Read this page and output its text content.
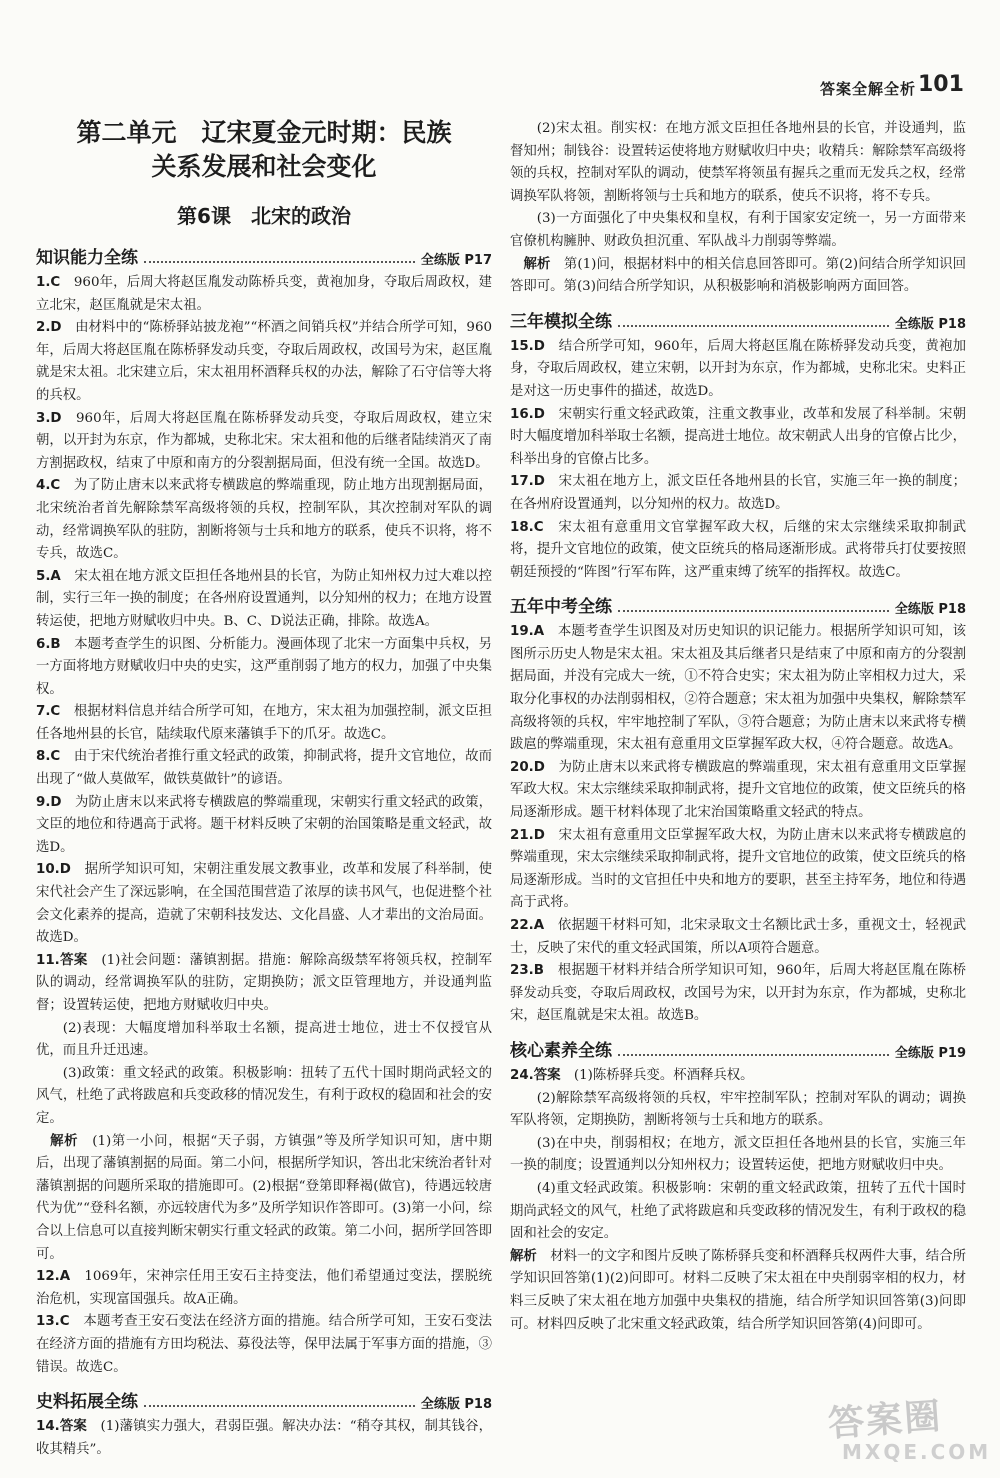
答案全解全析 101
第二单元　辽宋夏金元时期：民族
关系发展和社会变化
第6课　北宋的政治
知识能力全练	全练版 P17

1.C　960年，后周大将赵匡胤发动陈桥兵变，黄袍加身，夺取后周政权，建立北宋，赵匡胤就是宋太祖。

2.D　由材料中的“陈桥驿站披龙袍”“杯酒之间销兵权”并结合所学可知，960年，后周大将赵匡胤在陈桥驿发动兵变，夺取后周政权，改国号为宋，赵匡胤就是宋太祖。北宋建立后，宋太祖用杯酒释兵权的办法，解除了石守信等大将的兵权。

3.D　960年，后周大将赵匡胤在陈桥驿发动兵变，夺取后周政权，建立宋朝，以开封为东京，作为都城，史称北宋。宋太祖和他的后继者陆续消灭了南方割据政权，结束了中原和南方的分裂割据局面，但没有统一全国。故选D。

4.C　为了防止唐末以来武将专横跋扈的弊端重现，防止地方出现割据局面，北宋统治者首先解除禁军高级将领的兵权，控制军队，其次控制对军队的调动，经常调换军队的驻防，割断将领与士兵和地方的联系，使兵不识将，将不专兵，故选C。

5.A　宋太祖在地方派文臣担任各地州县的长官，为防止知州权力过大难以控制，实行三年一换的制度；在各州府设置通判，以分知州的权力；在地方设置转运使，把地方财赋收归中央。B、C、D说法正确，排除。故选A。

6.B　本题考查学生的识图、分析能力。漫画体现了北宋一方面集中兵权，另一方面将地方财赋收归中央的史实，这严重削弱了地方的权力，加强了中央集权。

7.C　根据材料信息并结合所学可知，在地方，宋太祖为加强控制，派文臣担任各地州县的长官，陆续取代原来藩镇手下的爪牙。故选C。

8.C　由于宋代统治者推行重文轻武的政策，抑制武将，提升文官地位，故而出现了“做人莫做军，做铁莫做针”的谚语。

9.D　为防止唐末以来武将专横跋扈的弊端重现，宋朝实行重文轻武的政策，文臣的地位和待遇高于武将。题干材料反映了宋朝的治国策略是重文轻武，故选D。

10.D　据所学知识可知，宋朝注重发展文教事业，改革和发展了科举制，使宋代社会产生了深远影响，在全国范围营造了浓厚的读书风气，也促进整个社会文化素养的提高，造就了宋朝科技发达、文化昌盛、人才辈出的文治局面。故选D。

11.答案　(1)社会问题：藩镇割据。措施：解除高级禁军将领兵权，控制军队的调动，经常调换军队的驻防，定期换防；派文臣管理地方，并设通判监督；设置转运使，把地方财赋收归中央。

(2)表现：大幅度增加科举取士名额，提高进士地位，进士不仅授官从优，而且升迁迅速。

(3)政策：重文轻武的政策。积极影响：扭转了五代十国时期尚武轻文的风气，杜绝了武将跋扈和兵变政移的情况发生，有利于政权的稳固和社会的安定。

　解析　(1)第一小问，根据“天子弱，方镇强”等及所学知识可知，唐中期后，出现了藩镇割据的局面。第二小问，根据所学知识，答出北宋统治者针对藩镇割据的问题所采取的措施即可。(2)根据“登第即释褐(做官)，待遇远较唐代为优”“登科名额，亦远较唐代为多”及所学知识作答即可。(3)第一小问，综合以上信息可以直接判断宋朝实行重文轻武的政策。第二小问，据所学回答即可。

12.A　1069年，宋神宗任用王安石主持变法，他们希望通过变法，摆脱统治危机，实现富国强兵。故A正确。

13.C　本题考查王安石变法在经济方面的措施。结合所学可知，王安石变法在经济方面的措施有方田均税法、募役法等，保甲法属于军事方面的措施，③错误。故选C。

史料拓展全练	全练版 P18

14.答案　(1)藩镇实力强大，君弱臣强。解决办法：“稍夺其权，制其钱谷，收其精兵”。

(2)宋太祖。削实权：在地方派文臣担任各地州县的长官，并设通判，监督知州；制钱谷：设置转运使将地方财赋收归中央；收精兵：解除禁军高级将领的兵权，控制对军队的调动，使禁军将领虽有握兵之重而无发兵之权，经常调换军队将领，割断将领与士兵和地方的联系，使兵不识将，将不专兵。

(3)一方面强化了中央集权和皇权，有利于国家安定统一，另一方面带来官僚机构臃肿、财政负担沉重、军队战斗力削弱等弊端。

　解析　第(1)问，根据材料中的相关信息回答即可。第(2)问结合所学知识回答即可。第(3)问结合所学知识，从积极影响和消极影响两方面回答。

三年模拟全练	全练版 P18

15.D　结合所学可知，960年，后周大将赵匡胤在陈桥驿发动兵变，黄袍加身，夺取后周政权，建立宋朝，以开封为东京，作为都城，史称北宋。史料正是对这一历史事件的描述，故选D。

16.D　宋朝实行重文轻武政策，注重文教事业，改革和发展了科举制。宋朝时大幅度增加科举取士名额，提高进士地位。故宋朝武人出身的官僚占比少，科举出身的官僚占比多。

17.D　宋太祖在地方上，派文臣任各地州县的长官，实施三年一换的制度；在各州府设置通判，以分知州的权力。故选D。

18.C　宋太祖有意重用文官掌握军政大权，后继的宋太宗继续采取抑制武将，提升文官地位的政策，使文臣统兵的格局逐渐形成。武将带兵打仗要按照朝廷预授的“阵图”行军布阵，这严重束缚了统军的指挥权。故选C。

五年中考全练	全练版 P18

19.A　本题考查学生识图及对历史知识的识记能力。根据所学知识可知，该图所示历史人物是宋太祖。宋太祖及其后继者只是结束了中原和南方的分裂割据局面，并没有完成大一统，①不符合史实；宋太祖为防止宰相权力过大，采取分化事权的办法削弱相权，②符合题意；宋太祖为加强中央集权，解除禁军高级将领的兵权，牢牢地控制了军队，③符合题意；为防止唐末以来武将专横跋扈的弊端重现，宋太祖有意重用文臣掌握军政大权，④符合题意。故选A。

20.D　为防止唐末以来武将专横跋扈的弊端重现，宋太祖有意重用文臣掌握军政大权。宋太宗继续采取抑制武将，提升文官地位的政策，使文臣统兵的格局逐渐形成。题干材料体现了北宋治国策略重文轻武的特点。

21.D　宋太祖有意重用文臣掌握军政大权，为防止唐末以来武将专横跋扈的弊端重现，宋太宗继续采取抑制武将，提升文官地位的政策，使文臣统兵的格局逐渐形成。当时的文官担任中央和地方的要职，甚至主持军务，地位和待遇高于武将。

22.A　依据题干材料可知，北宋录取文士名额比武士多，重视文士，轻视武士，反映了宋代的重文轻武国策，所以A项符合题意。

23.B　根据题干材料并结合所学知识可知，960年，后周大将赵匡胤在陈桥驿发动兵变，夺取后周政权，改国号为宋，以开封为东京，作为都城，史称北宋，赵匡胤就是宋太祖。故选B。

核心素养全练	全练版 P19

24.答案　(1)陈桥驿兵变。杯酒释兵权。

(2)解除禁军高级将领的兵权，牢牢控制军队；控制对军队的调动；调换军队将领，定期换防，割断将领与士兵和地方的联系。

(3)在中央，削弱相权；在地方，派文臣担任各地州县的长官，实施三年一换的制度；设置通判以分知州权力；设置转运使，把地方财赋收归中央。

(4)重文轻武政策。积极影响：宋朝的重文轻武政策，扭转了五代十国时期尚武轻文的风气，杜绝了武将跋扈和兵变政移的情况发生，有利于政权的稳固和社会的安定。

解析　材料一的文字和图片反映了陈桥驿兵变和杯酒释兵权两件大事，结合所学知识回答第(1)(2)问即可。材料二反映了宋太祖在中央削弱宰相的权力，材料三反映了宋太祖在地方加强中央集权的措施，结合所学知识回答第(3)问即可。材料四反映了北宋重文轻武政策，结合所学知识回答第(4)问即可。

答案圈
MXQE.COM
